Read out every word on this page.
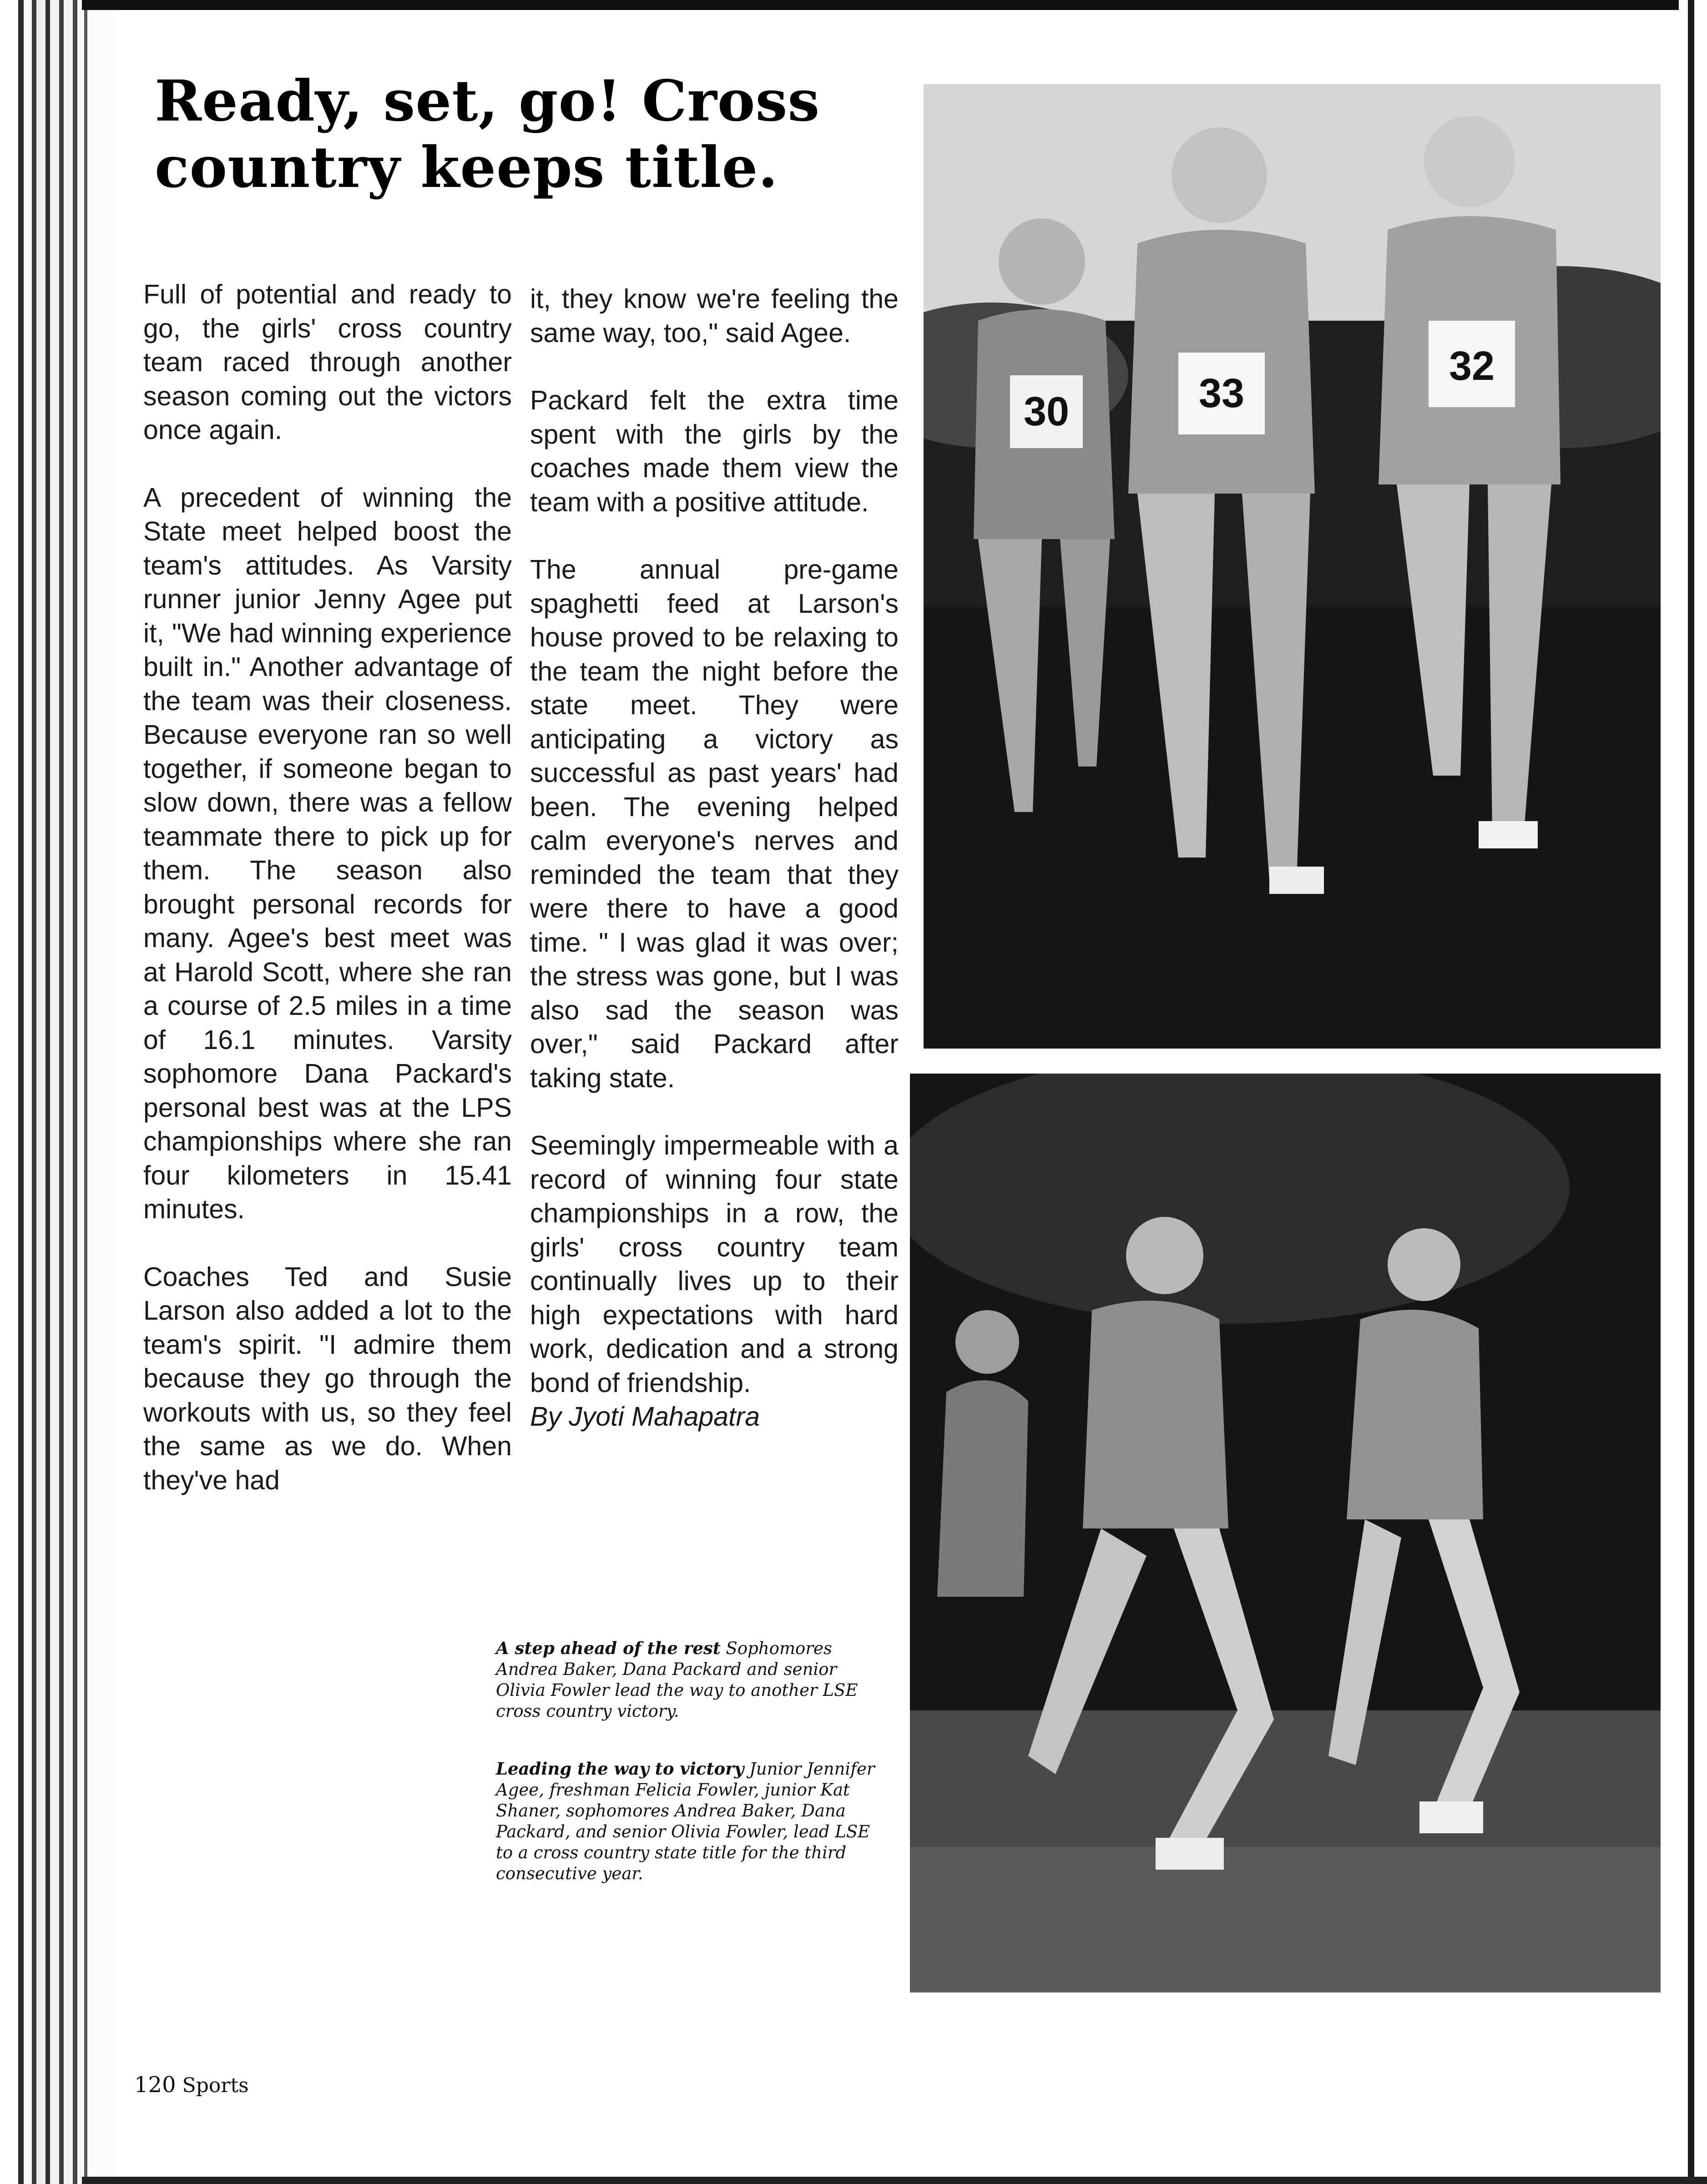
Ready, set, go! Cross country keeps title.

Full of potential and ready to go, the girls' cross country team raced through another season coming out the victors once again.

A precedent of winning the State meet helped boost the team's attitudes. As Varsity runner junior Jenny Agee put it, "We had winning experience built in." Another advantage of the team was their closeness. Because everyone ran so well together, if someone began to slow down, there was a fellow teammate there to pick up for them. The season also brought personal records for many. Agee's best meet was at Harold Scott, where she ran a course of 2.5 miles in a time of 16.1 minutes. Varsity sophomore Dana Packard's personal best was at the LPS championships where she ran four kilometers in 15.41 minutes.

Coaches Ted and Susie Larson also added a lot to the team's spirit. "I admire them because they go through the workouts with us, so they feel the same as we do. When they've had

it, they know we're feeling the same way, too," said Agee.

Packard felt the extra time spent with the girls by the coaches made them view the team with a positive attitude.

The annual pre-game spaghetti feed at Larson's house proved to be relaxing to the team the night before the state meet. They were anticipating a victory as successful as past years' had been. The evening helped calm everyone's nerves and reminded the team that they were there to have a good time. " I was glad it was over; the stress was gone, but I was also sad the season was over," said Packard after taking state.

Seemingly impermeable with a record of winning four state championships in a row, the girls' cross country team continually lives up to their high expectations with hard work, dedication and a strong bond of friendship.

By Jyoti Mahapatra
30	33
32

A step ahead of the rest Sophomores Andrea Baker, Dana Packard and senior Olivia Fowler lead the way to another LSE cross country victory.

Leading the way to victory Junior Jennifer Agee, freshman Felicia Fowler, junior Kat Shaner, sophomores Andrea Baker, Dana Packard, and senior Olivia Fowler, lead LSE to a cross country state title for the third consecutive year.

120 Sports
